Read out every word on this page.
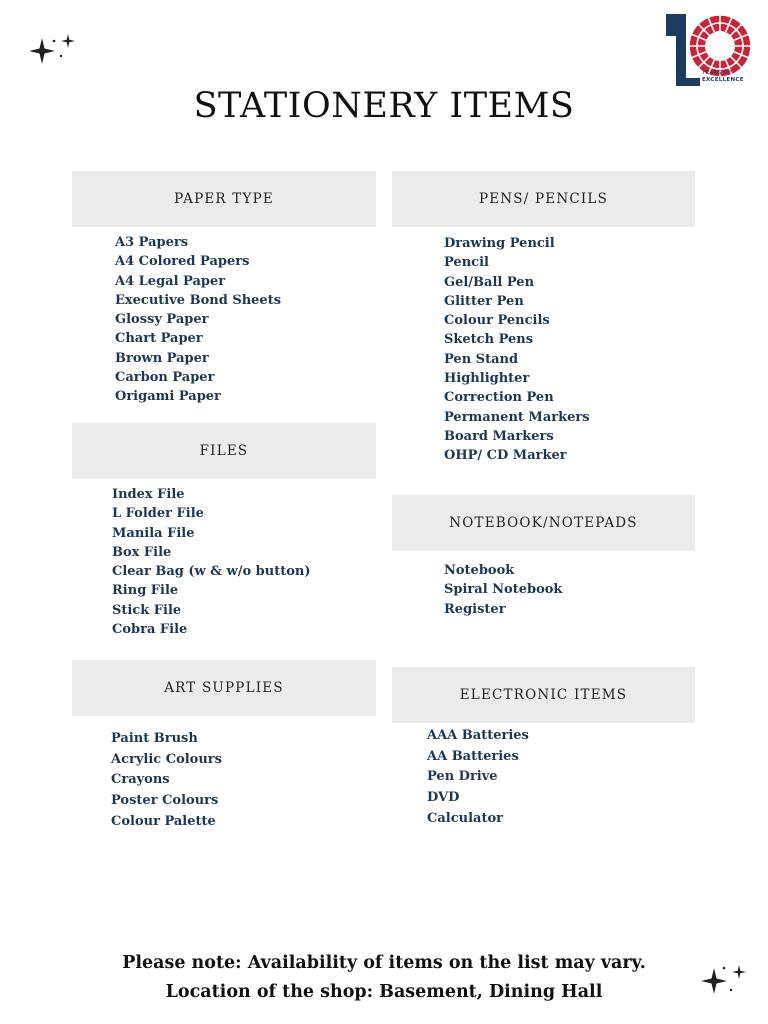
YEARS OF
EXCELLENCE
STATIONERY ITEMS
PAPER TYPE
A3 Papers
A4 Colored Papers
A4 Legal Paper
Executive Bond Sheets
Glossy Paper
Chart Paper
Brown Paper
Carbon Paper
Origami Paper
FILES
Index File
L Folder File
Manila File
Box File
Clear Bag (w & w/o button)
Ring File
Stick File
Cobra File
ART SUPPLIES
Paint Brush
Acrylic Colours
Crayons
Poster Colours
Colour Palette
PENS/ PENCILS
Drawing Pencil
Pencil
Gel/Ball Pen
Glitter Pen
Colour Pencils
Sketch Pens
Pen Stand
Highlighter
Correction Pen
Permanent Markers
Board Markers
OHP/ CD Marker
NOTEBOOK/NOTEPADS
Notebook
Spiral Notebook
Register
ELECTRONIC ITEMS
AAA Batteries
AA Batteries
Pen Drive
DVD
Calculator
Please note: Availability of items on the list may vary.
Location of the shop: Basement, Dining Hall
